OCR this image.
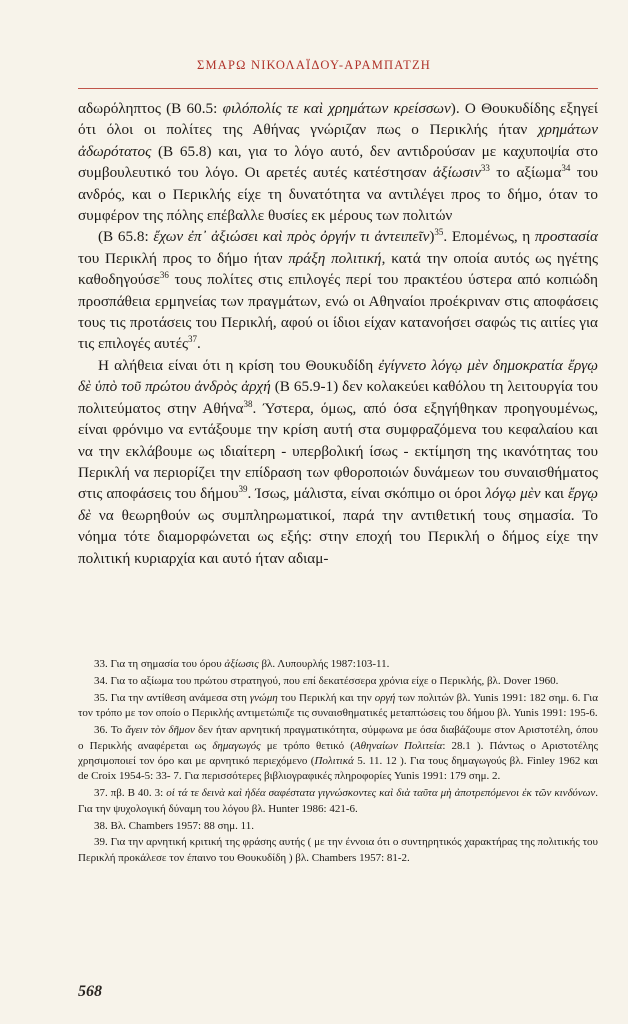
ΣΜΑΡΩ ΝΙΚΟΛΑΪΔΟΥ-ΑΡΑΜΠΑΤΖΗ

αδωρόληπτος (Β 60.5: φιλόπολίς τε καὶ χρημάτων κρείσσων). Ο Θουκυδίδης εξηγεί ότι όλοι οι πολίτες της Αθήνας γνώριζαν πως ο Περικλής ήταν χρημάτων ἀδωρότατος (Β 65.8) και, για το λόγο αυτό, δεν αντιδρούσαν με καχυποψία στο συμβουλευτικό του λόγο. Οι αρετές αυτές κατέστησαν ἀξίωσιν$^{33}$ το αξίωμα$^{34}$ του ανδρός, και ο Περικλής είχε τη δυνατότητα να αντιλέγει προς το δήμο, όταν το συμφέρον της πόλης επέβαλλε θυσίες εκ μέρους των πολιτών

(Β 65.8: ἔχων ἐπ᾽ ἀξιώσει καὶ πρὸς ὀργήν τι ἀντειπεῖν)$^{35}$. Επομένως, η προστασία του Περικλή προς το δήμο ήταν πράξη πολιτική, κατά την οποία αυτός ως ηγέτης καθοδηγούσε$^{36}$ τους πολίτες στις επιλογές περί του πρακτέου ύστερα από κοπιώδη προσπάθεια ερμηνείας των πραγμάτων, ενώ οι Αθηναίοι προέκριναν στις αποφάσεις τους τις προτάσεις του Περικλή, αφού οι ίδιοι είχαν κατανοήσει σαφώς τις αιτίες για τις επιλογές αυτές$^{37}$.

Η αλήθεια είναι ότι η κρίση του Θουκυδίδη ἐγίγνετο λόγῳ μὲν δημοκρατία ἔργῳ δὲ ὑπὸ τοῦ πρώτου ἀνδρὸς ἀρχή (Β 65.9-1) δεν κολακεύει καθόλου τη λειτουργία του πολιτεύματος στην Αθήνα$^{38}$. Ύστερα, όμως, από όσα εξηγήθηκαν προηγουμένως, είναι φρόνιμο να εντάξουμε την κρίση αυτή στα συμφραζόμενα του κεφαλαίου και να την εκλάβουμε ως ιδιαίτερη - υπερβολική ίσως - εκτίμηση της ικανότητας του Περικλή να περιορίζει την επίδραση των φθοροποιών δυνάμεων του συναισθήματος στις αποφάσεις του δήμου$^{39}$. Ίσως, μάλιστα, είναι σκόπιμο οι όροι λόγῳ μὲν και ἔργῳ δὲ να θεωρηθούν ως συμπληρωματικοί, παρά την αντιθετική τους σημασία. Το νόημα τότε διαμορφώνεται ως εξής: στην εποχή του Περικλή ο δήμος είχε την πολιτική κυριαρχία και αυτό ήταν αδιαμ-

33. Για τη σημασία του όρου ἀξίωσις βλ. Λυπουρλής 1987:103-11.

34. Για το αξίωμα του πρώτου στρατηγού, που επί δεκατέσσερα χρόνια είχε ο Περικλής, βλ. Dover 1960.

35. Για την αντίθεση ανάμεσα στη γνώμη του Περικλή και την οργή των πολιτών βλ. Yunis 1991: 182 σημ. 6. Για τον τρόπο με τον οποίο ο Περικλής αντιμετώπιζε τις συναισθηματικές μεταπτώσεις του δήμου βλ. Yunis 1991: 195-6.

36. Το ἄγειν τὸν δῆμον δεν ήταν αρνητική πραγματικότητα, σύμφωνα με όσα διαβάζουμε στον Αριστοτέλη, όπου ο Περικλής αναφέρεται ως δημαγωγός με τρόπο θετικό (Αθηναίων Πολιτεία: 28.1 ). Πάντως ο Αριστοτέλης χρησιμοποιεί τον όρο και με αρνητικό περιεχόμενο (Πολιτικά 5. 11. 12 ). Για τους δημαγωγούς βλ. Finley 1962 και de Croix 1954-5: 33- 7. Για περισσότερες βιβλιογραφικές πληροφορίες Yunis 1991: 179 σημ. 2.

37. πβ. Β 40. 3: οἱ τά τε δεινὰ καὶ ἡδέα σαφέστατα γιγνώσκοντες καὶ διὰ ταῦτα μὴ ἀποτρεπόμενοι ἐκ τῶν κινδύνων. Για την ψυχολογική δύναμη του λόγου βλ. Hunter 1986: 421-6.

38. Βλ. Chambers 1957: 88 σημ. 11.

39. Για την αρνητική κριτική της φράσης αυτής ( με την έννοια ότι ο συντηρητικός χαρακτήρας της πολιτικής του Περικλή προκάλεσε τον έπαινο του Θουκυδίδη ) βλ. Chambers 1957: 81-2.

568
